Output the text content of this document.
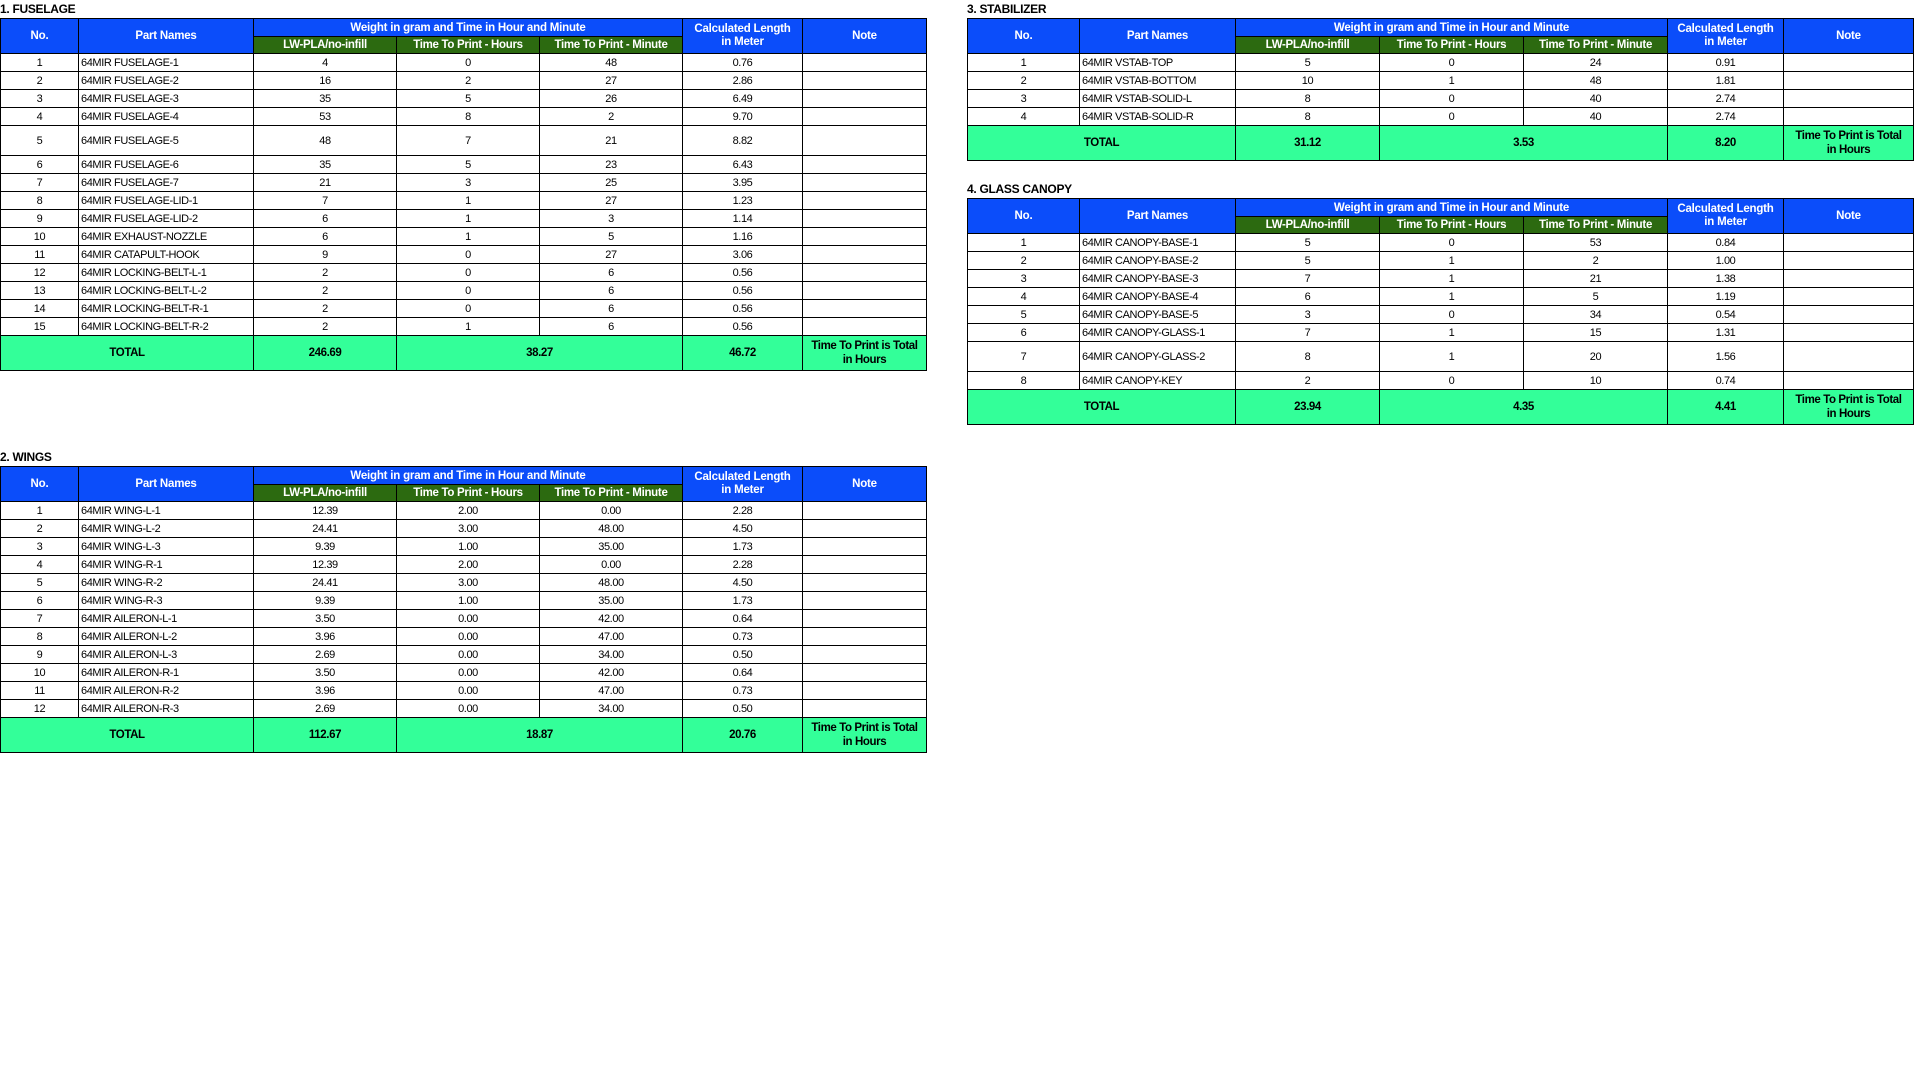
1. FUSELAGE
No.	Part Names	Weight in gram and Time in Hour and Minute			Calculated Length
in Meter	Note
		LW-PLA/no-infill	Time To Print - Hours	Time To Print - Minute		
1	64MIR FUSELAGE-1	4	0	48	0.76	
2	64MIR FUSELAGE-2	16	2	27	2.86	
3	64MIR FUSELAGE-3	35	5	26	6.49	
4	64MIR FUSELAGE-4	53	8	2	9.70	
5	64MIR FUSELAGE-5	48	7	21	8.82	
6	64MIR FUSELAGE-6	35	5	23	6.43	
7	64MIR FUSELAGE-7	21	3	25	3.95	
8	64MIR FUSELAGE-LID-1	7	1	27	1.23	
9	64MIR FUSELAGE-LID-2	6	1	3	1.14	
10	64MIR EXHAUST-NOZZLE	6	1	5	1.16	
11	64MIR CATAPULT-HOOK	9	0	27	3.06	
12	64MIR LOCKING-BELT-L-1	2	0	6	0.56	
13	64MIR LOCKING-BELT-L-2	2	0	6	0.56	
14	64MIR LOCKING-BELT-R-1	2	0	6	0.56	
15	64MIR LOCKING-BELT-R-2	2	1	6	0.56	
TOTAL		246.69	38.27		46.72	Time To Print is Total
in Hours
2. WINGS
No.	Part Names	Weight in gram and Time in Hour and Minute			Calculated Length
in Meter	Note
		LW-PLA/no-infill	Time To Print - Hours	Time To Print - Minute		
1	64MIR WING-L-1	12.39	2.00	0.00	2.28	
2	64MIR WING-L-2	24.41	3.00	48.00	4.50	
3	64MIR WING-L-3	9.39	1.00	35.00	1.73	
4	64MIR WING-R-1	12.39	2.00	0.00	2.28	
5	64MIR WING-R-2	24.41	3.00	48.00	4.50	
6	64MIR WING-R-3	9.39	1.00	35.00	1.73	
7	64MIR AILERON-L-1	3.50	0.00	42.00	0.64	
8	64MIR AILERON-L-2	3.96	0.00	47.00	0.73	
9	64MIR AILERON-L-3	2.69	0.00	34.00	0.50	
10	64MIR AILERON-R-1	3.50	0.00	42.00	0.64	
11	64MIR AILERON-R-2	3.96	0.00	47.00	0.73	
12	64MIR AILERON-R-3	2.69	0.00	34.00	0.50	
TOTAL		112.67	18.87		20.76	Time To Print is Total
in Hours
3. STABILIZER
No.	Part Names	Weight in gram and Time in Hour and Minute			Calculated Length
in Meter	Note
		LW-PLA/no-infill	Time To Print - Hours	Time To Print - Minute		
1	64MIR VSTAB-TOP	5	0	24	0.91	
2	64MIR VSTAB-BOTTOM	10	1	48	1.81	
3	64MIR VSTAB-SOLID-L	8	0	40	2.74	
4	64MIR VSTAB-SOLID-R	8	0	40	2.74	
TOTAL		31.12	3.53		8.20	Time To Print is Total
in Hours
4. GLASS CANOPY
No.	Part Names	Weight in gram and Time in Hour and Minute			Calculated Length
in Meter	Note
		LW-PLA/no-infill	Time To Print - Hours	Time To Print - Minute		
1	64MIR CANOPY-BASE-1	5	0	53	0.84	
2	64MIR CANOPY-BASE-2	5	1	2	1.00	
3	64MIR CANOPY-BASE-3	7	1	21	1.38	
4	64MIR CANOPY-BASE-4	6	1	5	1.19	
5	64MIR CANOPY-BASE-5	3	0	34	0.54	
6	64MIR CANOPY-GLASS-1	7	1	15	1.31	
7	64MIR CANOPY-GLASS-2	8	1	20	1.56	
8	64MIR CANOPY-KEY	2	0	10	0.74	
TOTAL		23.94	4.35		4.41	Time To Print is Total
in Hours
